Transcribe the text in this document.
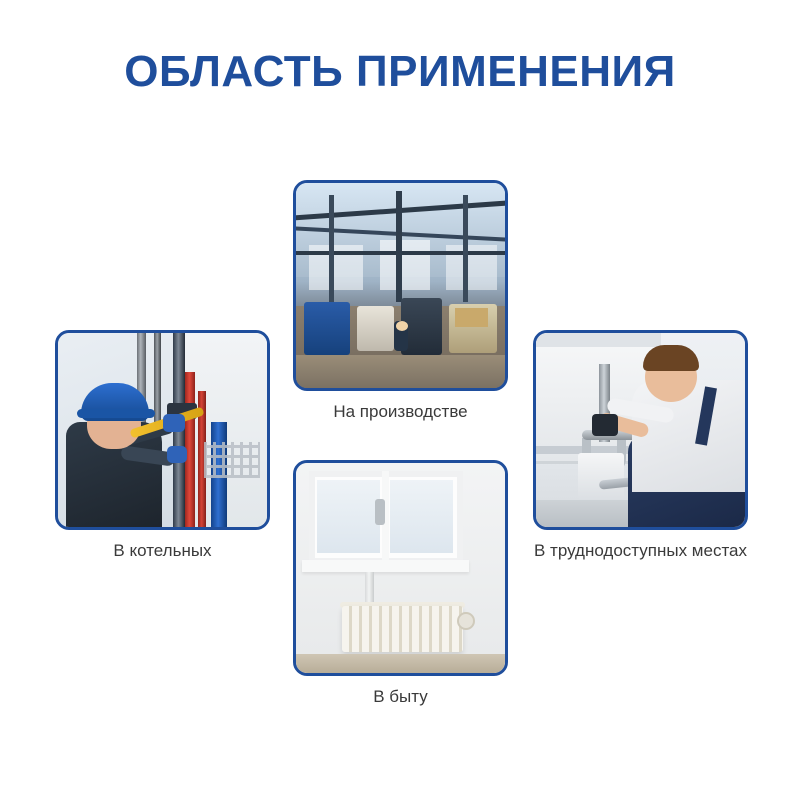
ОБЛАСТЬ ПРИМЕНЕНИЯ
В котельных
На производстве
В труднодоступных местах
В быту
